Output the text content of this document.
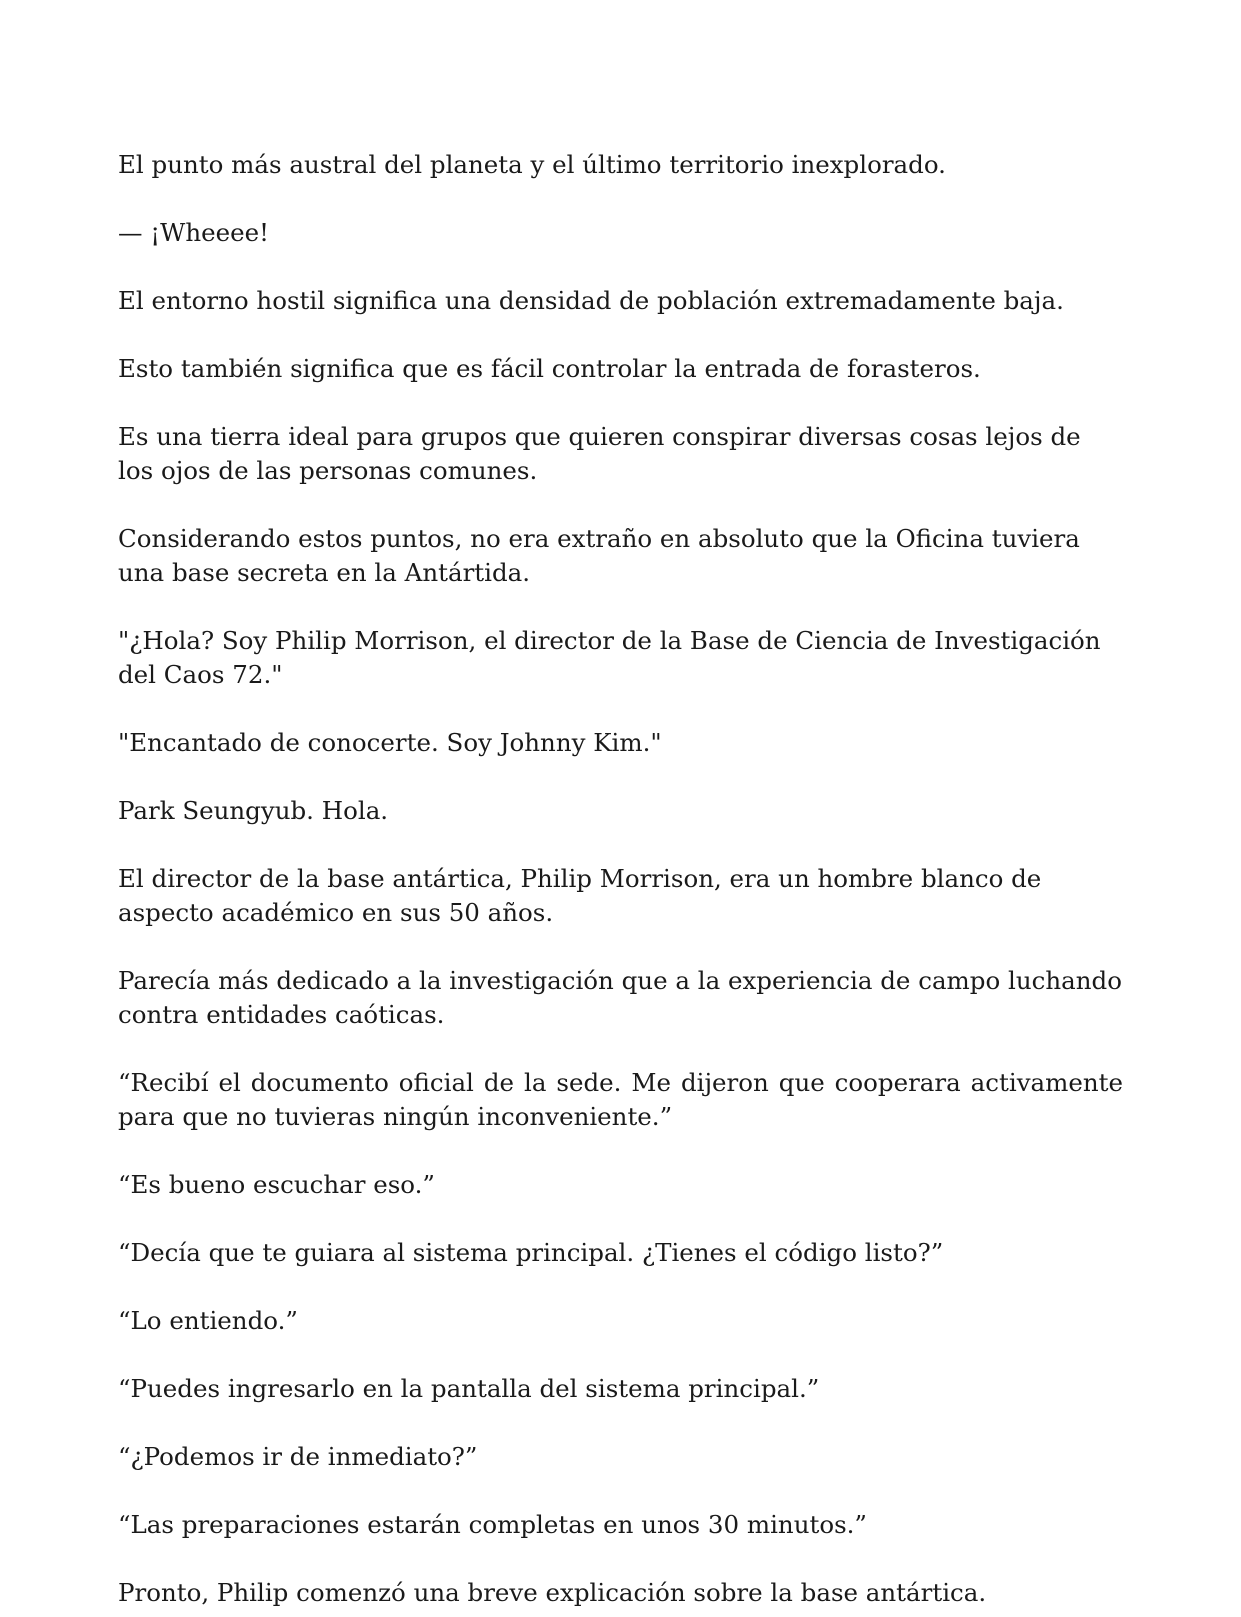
El punto más austral del planeta y el último territorio inexplorado.

— ¡Wheeee!

El entorno hostil significa una densidad de población extremadamente baja.

Esto también significa que es fácil controlar la entrada de forasteros.

Es una tierra ideal para grupos que quieren conspirar diversas cosas lejos de los ojos de las personas comunes.

Considerando estos puntos, no era extraño en absoluto que la Oficina tuviera una base secreta en la Antártida.

"¿Hola? Soy Philip Morrison, el director de la Base de Ciencia de Investigación del Caos 72."

"Encantado de conocerte. Soy Johnny Kim."

Park Seungyub. Hola.

El director de la base antártica, Philip Morrison, era un hombre blanco de aspecto académico en sus 50 años.

Parecía más dedicado a la investigación que a la experiencia de campo luchando contra entidades caóticas.

“Recibí el documento oficial de la sede. Me dijeron que cooperara activamente para que no tuvieras ningún inconveniente.”

“Es bueno escuchar eso.”

“Decía que te guiara al sistema principal. ¿Tienes el código listo?”

“Lo entiendo.”

“Puedes ingresarlo en la pantalla del sistema principal.”

“¿Podemos ir de inmediato?”

“Las preparaciones estarán completas en unos 30 minutos.”

Pronto, Philip comenzó una breve explicación sobre la base antártica.
